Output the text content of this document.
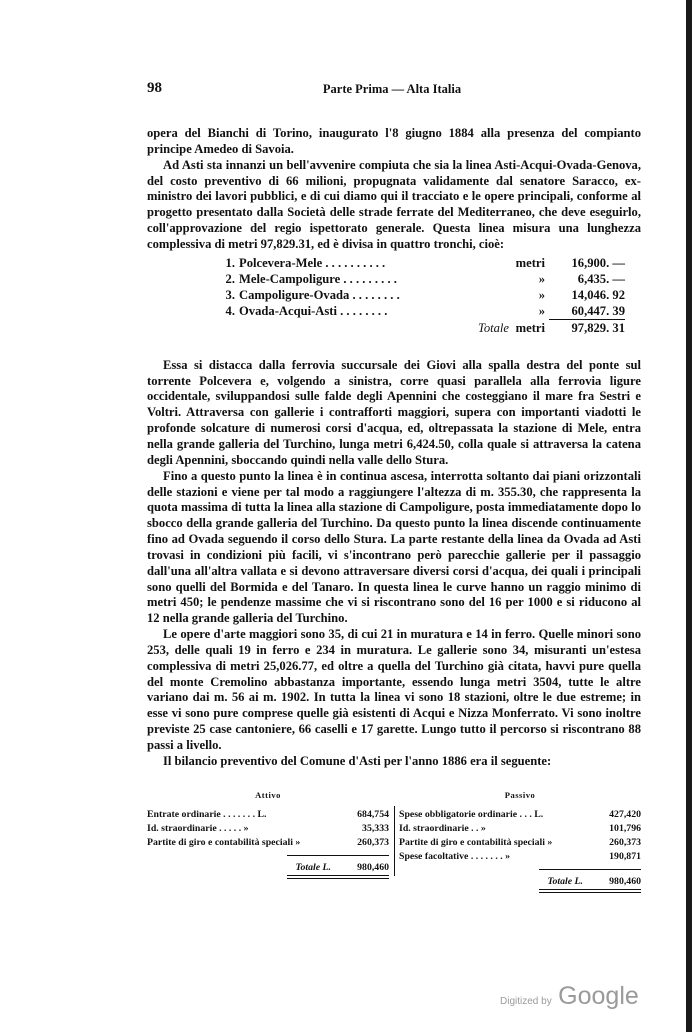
98	Parte Prima — Alta Italia

opera del Bianchi di Torino, inaugurato l'8 giugno 1884 alla presenza del compianto principe Amedeo di Savoia.

Ad Asti sta innanzi un bell'avvenire compiuta che sia la linea Asti-Acqui-Ovada-Genova, del costo preventivo di 66 milioni, propugnata validamente dal senatore Saracco, ex-ministro dei lavori pubblici, e di cui diamo qui il tracciato e le opere principali, conforme al progetto presentato dalla Società delle strade ferrate del Mediterraneo, che deve eseguirlo, coll'approvazione del regio ispettorato generale. Questa linea misura una lunghezza complessiva di metri 97,829.31, ed è divisa in quattro tronchi, cioè:

1.	Polcevera-Mele . . . . . . . . . .	metri	16,900. —
2.	Mele-Campoligure . . . . . . . . .	»	6,435. —
3.	Campoligure-Ovada . . . . . . . .	»	14,046. 92
4.	Ovada-Acqui-Asti . . . . . . . .	»	60,447. 39
	Totale	metri	97,829. 31

Essa si distacca dalla ferrovia succursale dei Giovi alla spalla destra del ponte sul torrente Polcevera e, volgendo a sinistra, corre quasi parallela alla ferrovia ligure occidentale, sviluppandosi sulle falde degli Apennini che costeggiano il mare fra Sestri e Voltri. Attraversa con gallerie i contrafforti maggiori, supera con importanti viadotti le profonde solcature di numerosi corsi d'acqua, ed, oltrepassata la stazione di Mele, entra nella grande galleria del Turchino, lunga metri 6,424.50, colla quale si attraversa la catena degli Apennini, sboccando quindi nella valle dello Stura.

Fino a questo punto la linea è in continua ascesa, interrotta soltanto dai piani orizzontali delle stazioni e viene per tal modo a raggiungere l'altezza di m. 355.30, che rappresenta la quota massima di tutta la linea alla stazione di Campoligure, posta immediatamente dopo lo sbocco della grande galleria del Turchino. Da questo punto la linea discende continuamente fino ad Ovada seguendo il corso dello Stura. La parte restante della linea da Ovada ad Asti trovasi in condizioni più facili, vi s'incontrano però parecchie gallerie per il passaggio dall'una all'altra vallata e si devono attraversare diversi corsi d'acqua, dei quali i principali sono quelli del Bormida e del Tanaro. In questa linea le curve hanno un raggio minimo di metri 450; le pendenze massime che vi si riscontrano sono del 16 per 1000 e si riducono al 12 nella grande galleria del Turchino.

Le opere d'arte maggiori sono 35, di cui 21 in muratura e 14 in ferro. Quelle minori sono 253, delle quali 19 in ferro e 234 in muratura. Le gallerie sono 34, misuranti un'estesa complessiva di metri 25,026.77, ed oltre a quella del Turchino già citata, havvi pure quella del monte Cremolino abbastanza importante, essendo lunga metri 3504, tutte le altre variano dai m. 56 ai m. 1902. In tutta la linea vi sono 18 stazioni, oltre le due estreme; in esse vi sono pure comprese quelle già esistenti di Acqui e Nizza Monferrato. Vi sono inoltre previste 25 case cantoniere, 66 caselli e 17 garette. Lungo tutto il percorso si riscontrano 88 passi a livello.

Il bilancio preventivo del Comune d'Asti per l'anno 1886 era il seguente:

Attivo
Entrate ordinarie . . . . . . . L.	684,754
Id. straordinarie . . . . . »	35,333
Partite di giro e contabilità speciali »	260,373
Totale L.	980,460
Passivo
Spese obbligatorie ordinarie . . . L.	427,420
Id. straordinarie . . »	101,796
Partite di giro e contabilità speciali »	260,373
Spese facoltative . . . . . . . »	190,871
Totale L.	980,460
Digitized by Google
